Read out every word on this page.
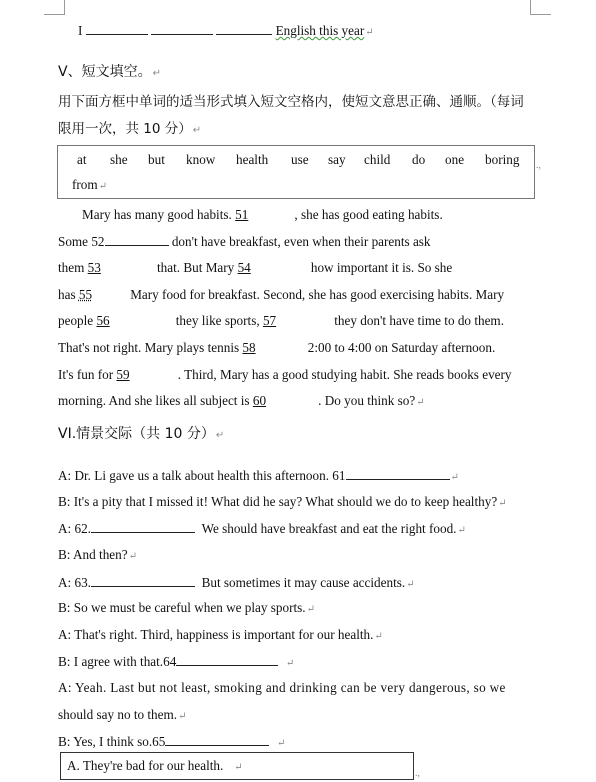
I	English this year↵
V、短文填空。↵
用下面方框中单词的适当形式填入短文空格内，使短文意思正确、通顺。（每词
限用一次，共 10 分）↵
at she but know health use say child do one boring
from↵
.,
Mary has many good habits. 51	, she has good eating habits.
Some 52	don't have breakfast, even when their parents ask
them 53	that. But Mary 54	how important it is. So she
has 55	Mary food for breakfast. Second, she has good exercising habits. Mary
people 56	they like sports, 57	they don't have time to do them.
That's not right. Mary plays tennis 58	2:00 to 4:00 on Saturday afternoon.
It's fun for 59	. Third, Mary has a good studying habit. She reads books every
morning. And she likes all subject is 60	. Do you think so?↵
VI.情景交际（共 10 分）↵
A: Dr. Li gave us a talk about health this afternoon. 61	↵
B: It's a pity that I missed it! What did he say? What should we do to keep healthy?↵
A: 62.	We should have breakfast and eat the right food.↵
B: And then?↵
A: 63.	But sometimes it may cause accidents.↵
B: So we must be careful when we play sports.↵
A: That's right. Third, happiness is important for our health.↵
B: I agree with that.64	↵
A: Yeah. Last but not least, smoking and drinking can be very dangerous, so we
should say no to them.↵
B: Yes, I think so.65	↵
A. They're bad for our health. ↵
.,
